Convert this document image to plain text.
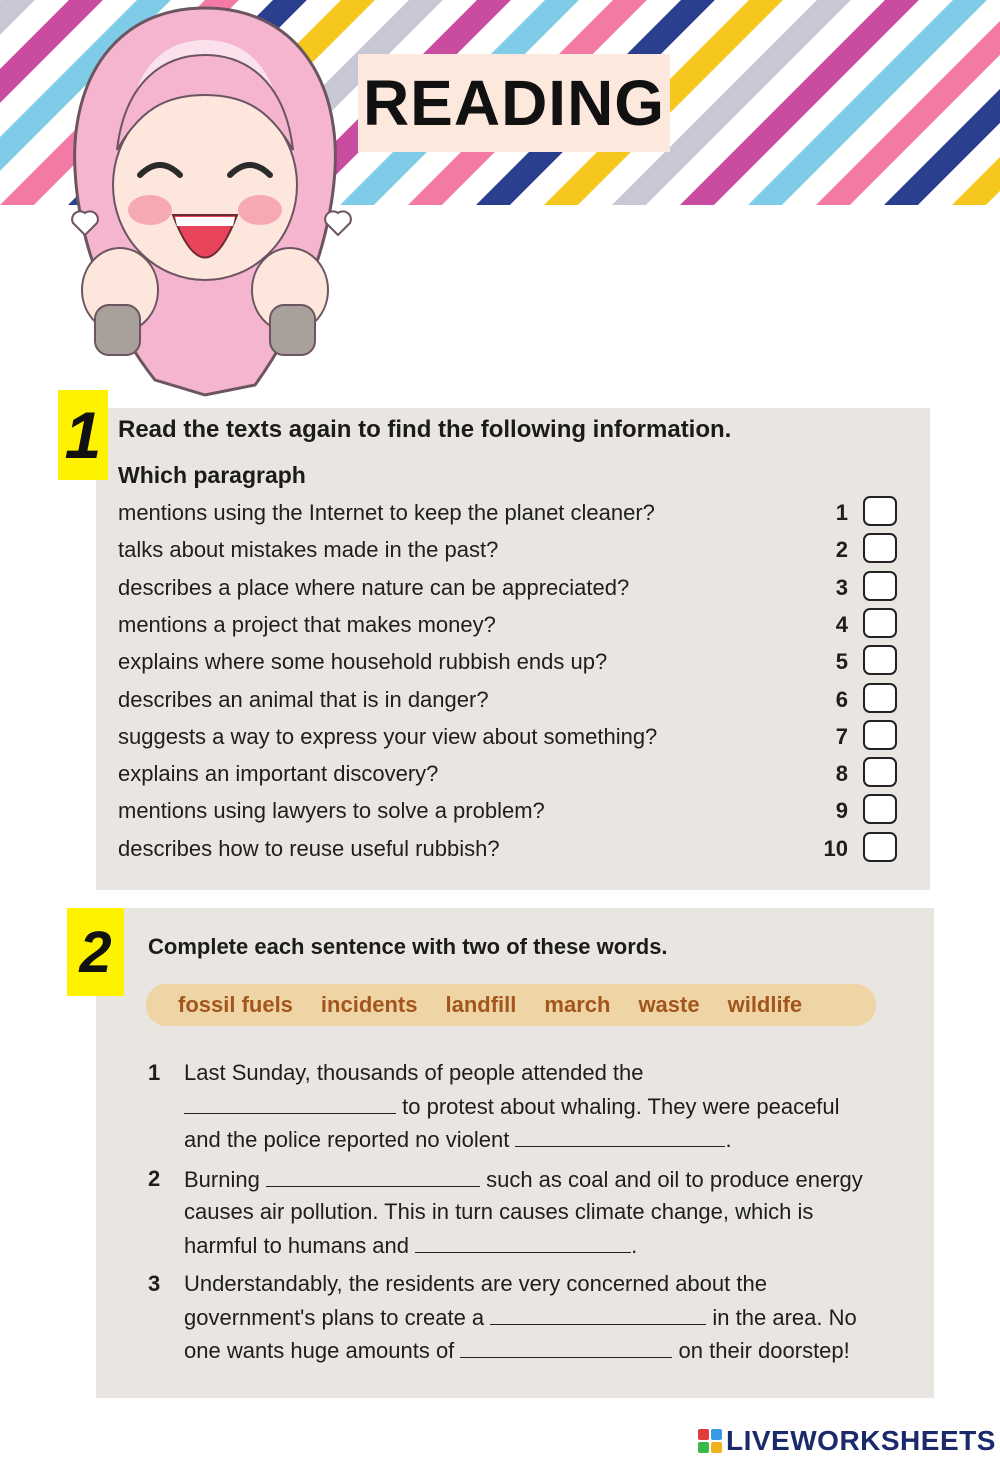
READING
1 Read the texts again to find the following information.
Which paragraph
mentions using the Internet to keep the planet cleaner?	1
talks about mistakes made in the past?	2
describes a place where nature can be appreciated?	3
mentions a project that makes money?	4
explains where some household rubbish ends up?	5
describes an animal that is in danger?	6
suggests a way to express your view about something?	7
explains an important discovery?	8
mentions using lawyers to solve a problem?	9
describes how to reuse useful rubbish?	10
2	Complete each sentence with two of these words.
fossil fuels incidents landfill march waste wildlife
1 Last Sunday, thousands of people attended the
to protest about whaling. They were peaceful
and the police reported no violent	.
2 Burning	such as coal and oil to produce energy
causes air pollution. This in turn causes climate change, which is
harmful to humans and	.
3 Understandably, the residents are very concerned about the
government's plans to create a	in the area. No
one wants huge amounts of	on their doorstep!
LIVEWORKSHEETS
